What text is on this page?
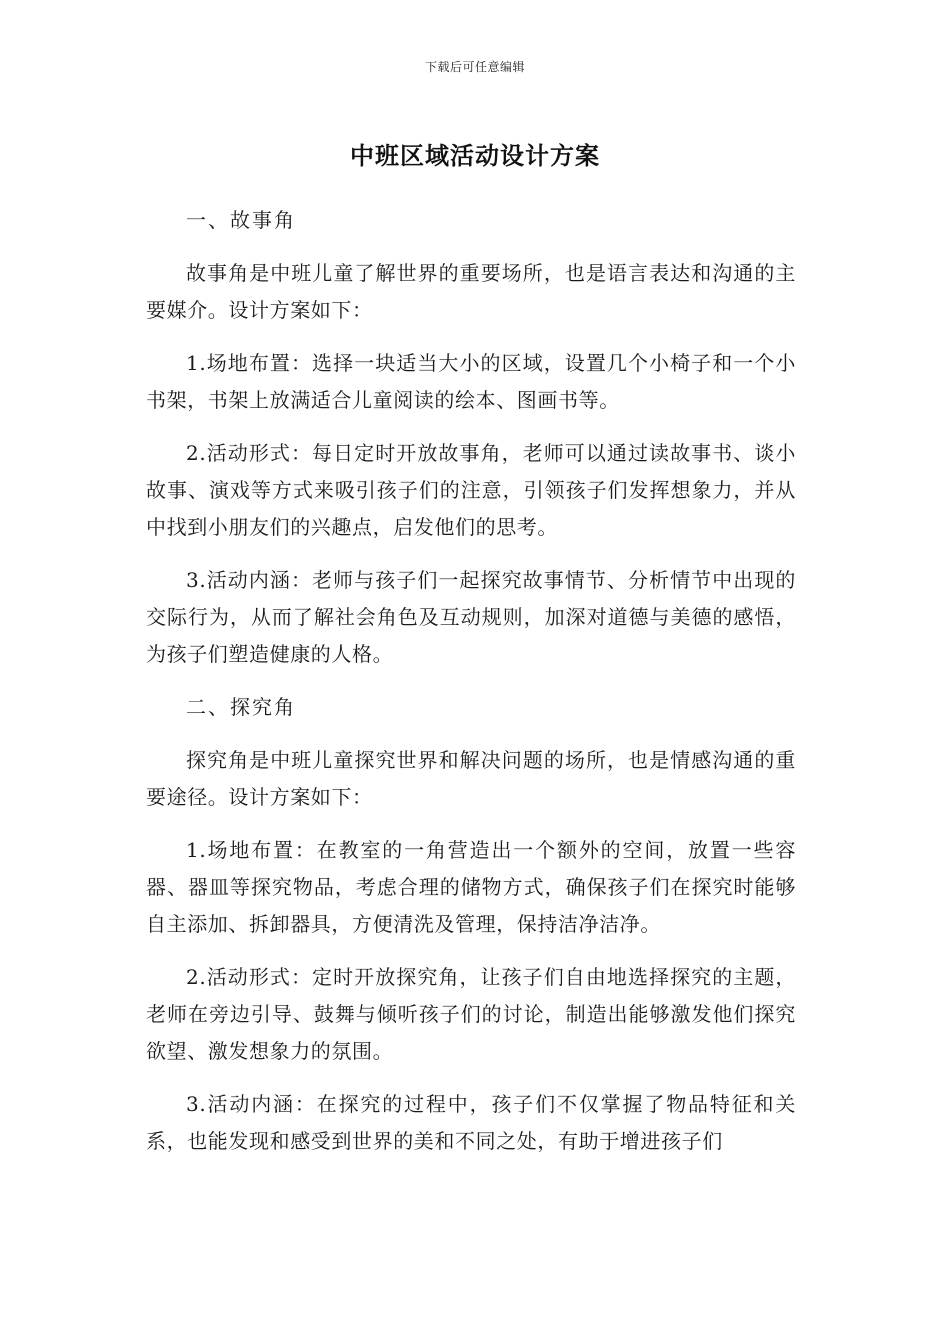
下载后可任意编辑
中班区域活动设计方案

一、故事角

故事角是中班儿童了解世界的重要场所，也是语言表达和沟通的主要媒介。设计方案如下：

1.场地布置：选择一块适当大小的区域，设置几个小椅子和一个小书架，书架上放满适合儿童阅读的绘本、图画书等。

2.活动形式：每日定时开放故事角，老师可以通过读故事书、谈小故事、演戏等方式来吸引孩子们的注意，引领孩子们发挥想象力，并从中找到小朋友们的兴趣点，启发他们的思考。

3.活动内涵：老师与孩子们一起探究故事情节、分析情节中出现的交际行为，从而了解社会角色及互动规则，加深对道德与美德的感悟，为孩子们塑造健康的人格。

二、探究角

探究角是中班儿童探究世界和解决问题的场所，也是情感沟通的重要途径。设计方案如下：

1.场地布置：在教室的一角营造出一个额外的空间，放置一些容器、器皿等探究物品，考虑合理的储物方式，确保孩子们在探究时能够自主添加、拆卸器具，方便清洗及管理，保持洁净洁净。

2.活动形式：定时开放探究角，让孩子们自由地选择探究的主题，老师在旁边引导、鼓舞与倾听孩子们的讨论，制造出能够激发他们探究欲望、激发想象力的氛围。

3.活动内涵：在探究的过程中，孩子们不仅掌握了物品特征和关系，也能发现和感受到世界的美和不同之处，有助于增进孩子们
